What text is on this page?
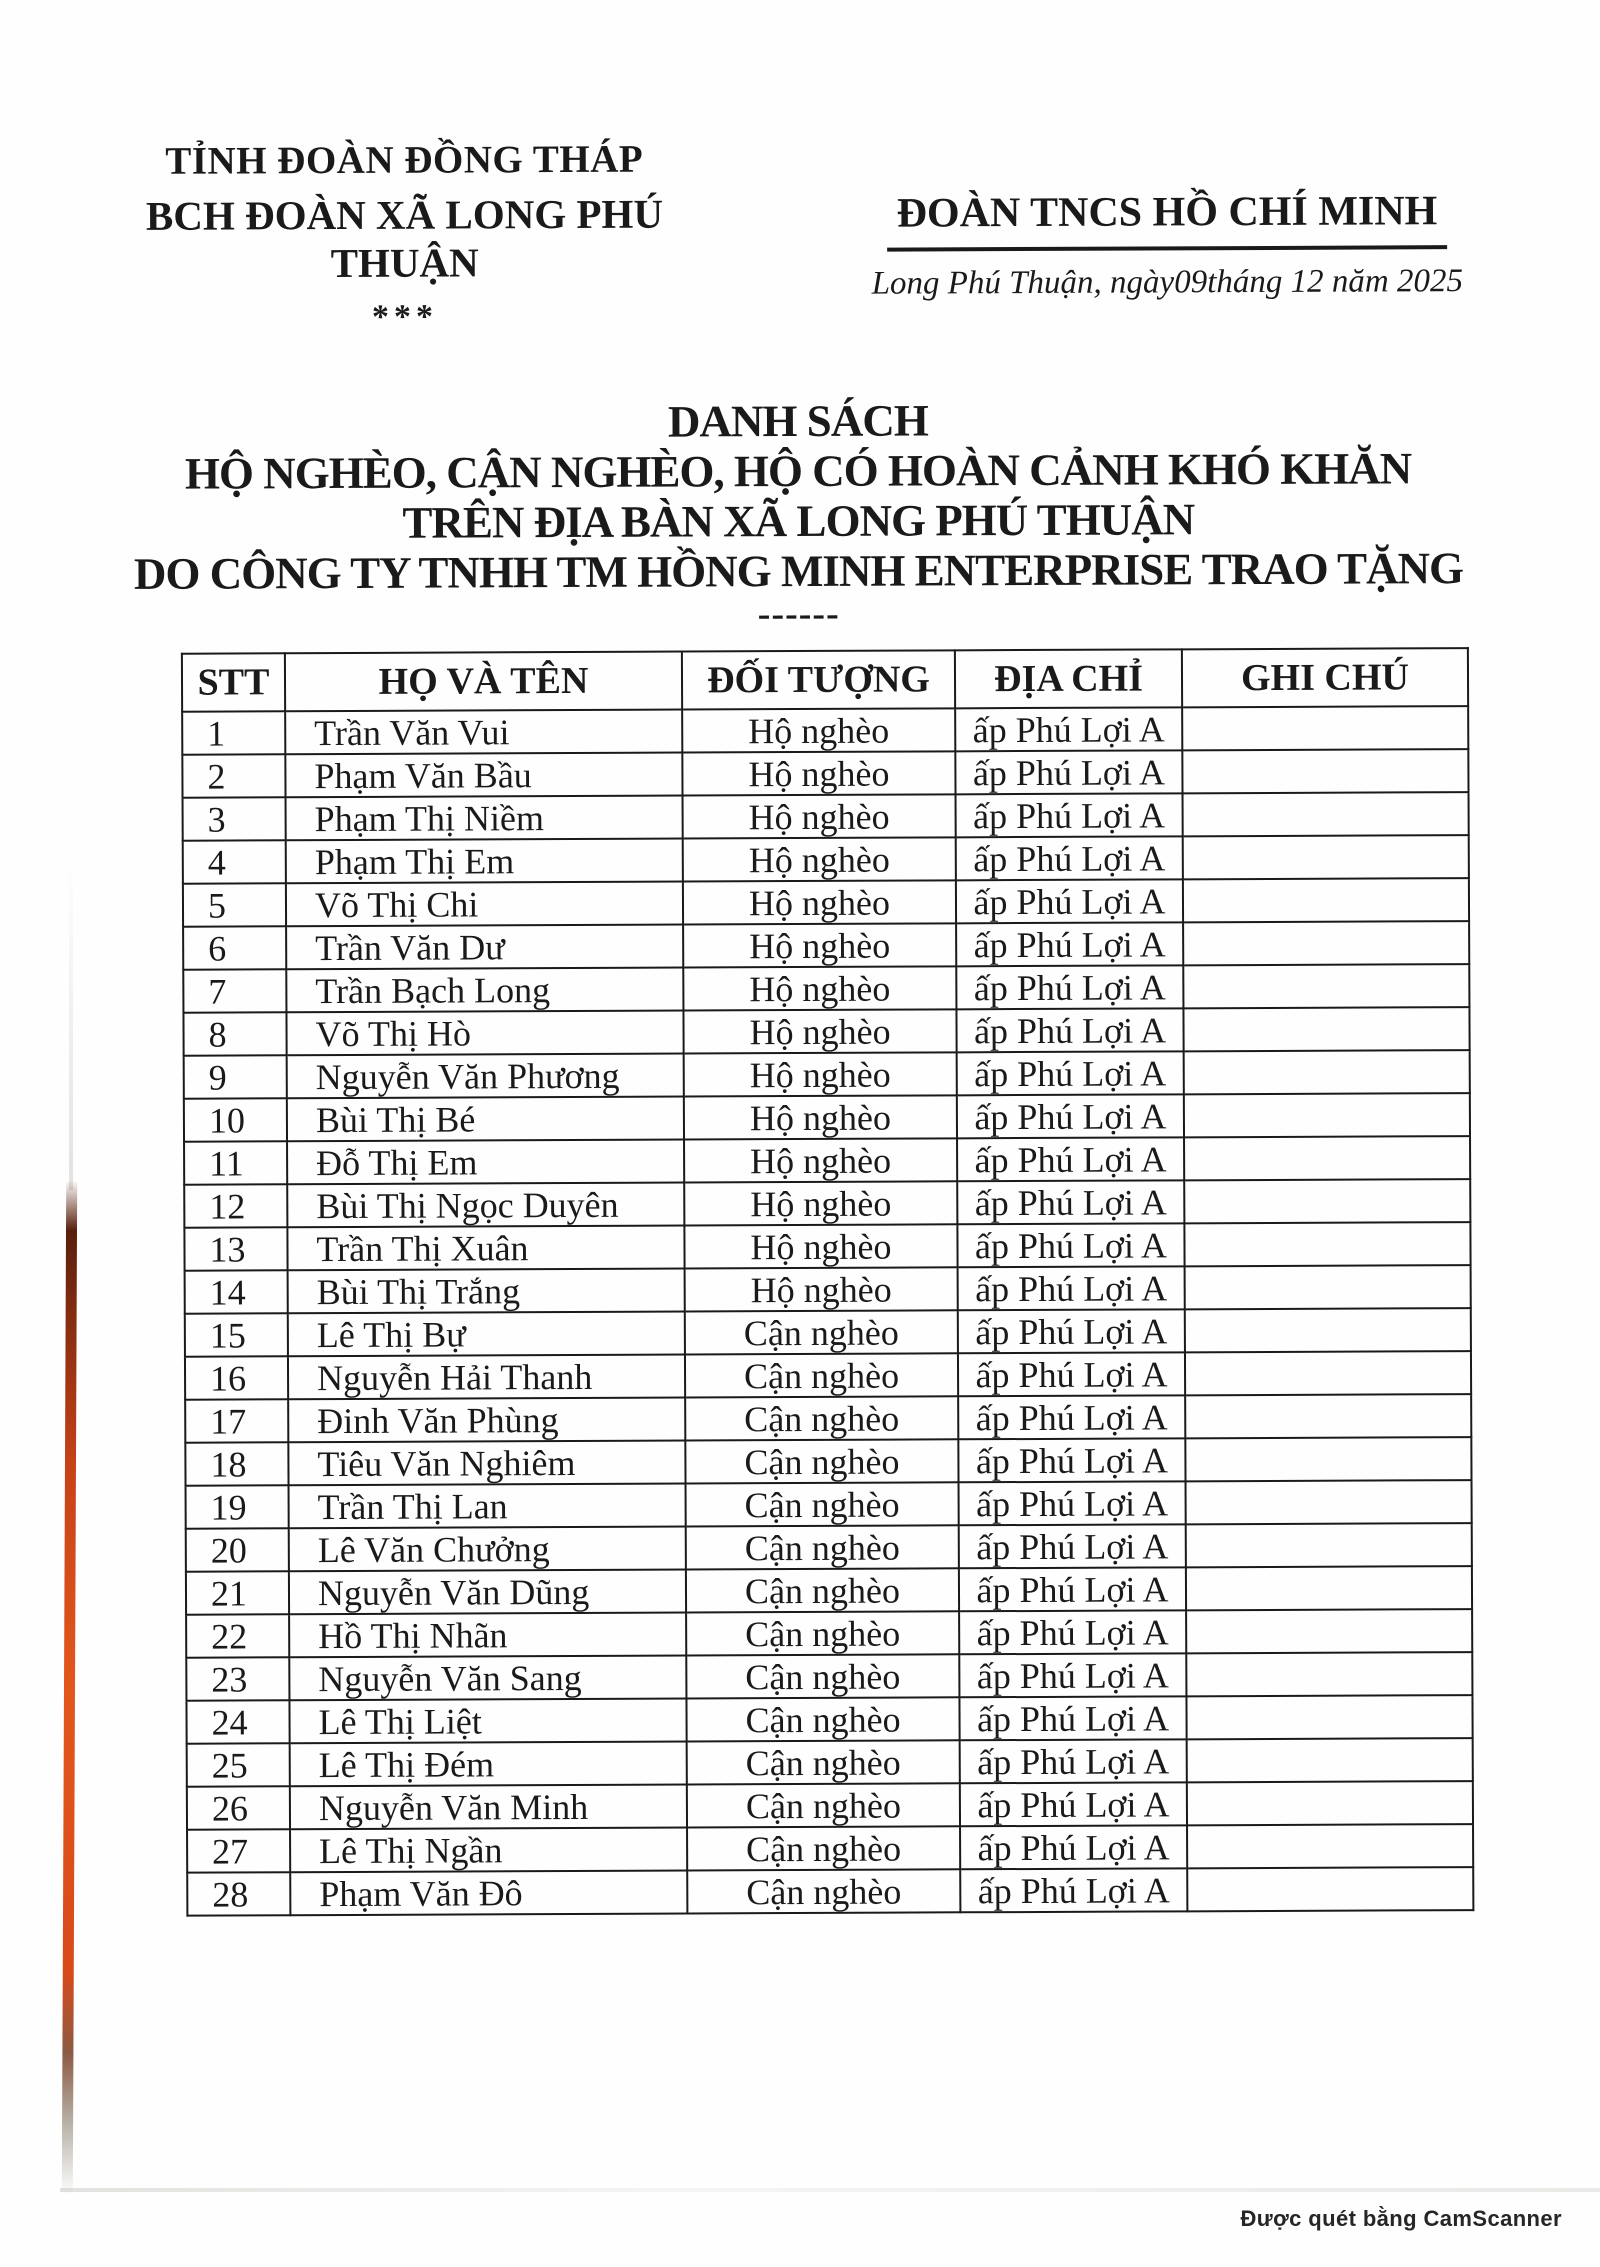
TỈNH ĐOÀN ĐỒNG THÁP
BCH ĐOÀN XÃ LONG PHÚ THUẬN
***
ĐOÀN TNCS HỒ CHÍ MINH
Long Phú Thuận, ngày09tháng 12 năm 2025
DANH SÁCH
HỘ NGHÈO, CẬN NGHÈO, HỘ CÓ HOÀN CẢNH KHÓ KHĂN
TRÊN ĐỊA BÀN XÃ LONG PHÚ THUẬN
DO CÔNG TY TNHH TM HỒNG MINH ENTERPRISE TRAO TẶNG
------
STT	HỌ VÀ TÊN	ĐỐI TƯỢNG	ĐỊA CHỈ	GHI CHÚ
1	Trần Văn Vui	Hộ nghèo	ấp Phú Lợi A	
2	Phạm Văn Bầu	Hộ nghèo	ấp Phú Lợi A	
3	Phạm Thị Niềm	Hộ nghèo	ấp Phú Lợi A	
4	Phạm Thị Em	Hộ nghèo	ấp Phú Lợi A	
5	Võ Thị Chi	Hộ nghèo	ấp Phú Lợi A	
6	Trần Văn Dư	Hộ nghèo	ấp Phú Lợi A	
7	Trần Bạch Long	Hộ nghèo	ấp Phú Lợi A	
8	Võ Thị Hò	Hộ nghèo	ấp Phú Lợi A	
9	Nguyễn Văn Phương	Hộ nghèo	ấp Phú Lợi A	
10	Bùi Thị Bé	Hộ nghèo	ấp Phú Lợi A	
11	Đỗ Thị Em	Hộ nghèo	ấp Phú Lợi A	
12	Bùi Thị Ngọc Duyên	Hộ nghèo	ấp Phú Lợi A	
13	Trần Thị Xuân	Hộ nghèo	ấp Phú Lợi A	
14	Bùi Thị Trắng	Hộ nghèo	ấp Phú Lợi A	
15	Lê Thị Bự	Cận nghèo	ấp Phú Lợi A	
16	Nguyễn Hải Thanh	Cận nghèo	ấp Phú Lợi A	
17	Đinh Văn Phùng	Cận nghèo	ấp Phú Lợi A	
18	Tiêu Văn Nghiêm	Cận nghèo	ấp Phú Lợi A	
19	Trần Thị Lan	Cận nghèo	ấp Phú Lợi A	
20	Lê Văn Chưởng	Cận nghèo	ấp Phú Lợi A	
21	Nguyễn Văn Dũng	Cận nghèo	ấp Phú Lợi A	
22	Hồ Thị Nhãn	Cận nghèo	ấp Phú Lợi A	
23	Nguyễn Văn Sang	Cận nghèo	ấp Phú Lợi A	
24	Lê Thị Liệt	Cận nghèo	ấp Phú Lợi A	
25	Lê Thị Đém	Cận nghèo	ấp Phú Lợi A	
26	Nguyễn Văn Minh	Cận nghèo	ấp Phú Lợi A	
27	Lê Thị Ngần	Cận nghèo	ấp Phú Lợi A	
28	Phạm Văn Đô	Cận nghèo	ấp Phú Lợi A	
Được quét bằng CamScanner
